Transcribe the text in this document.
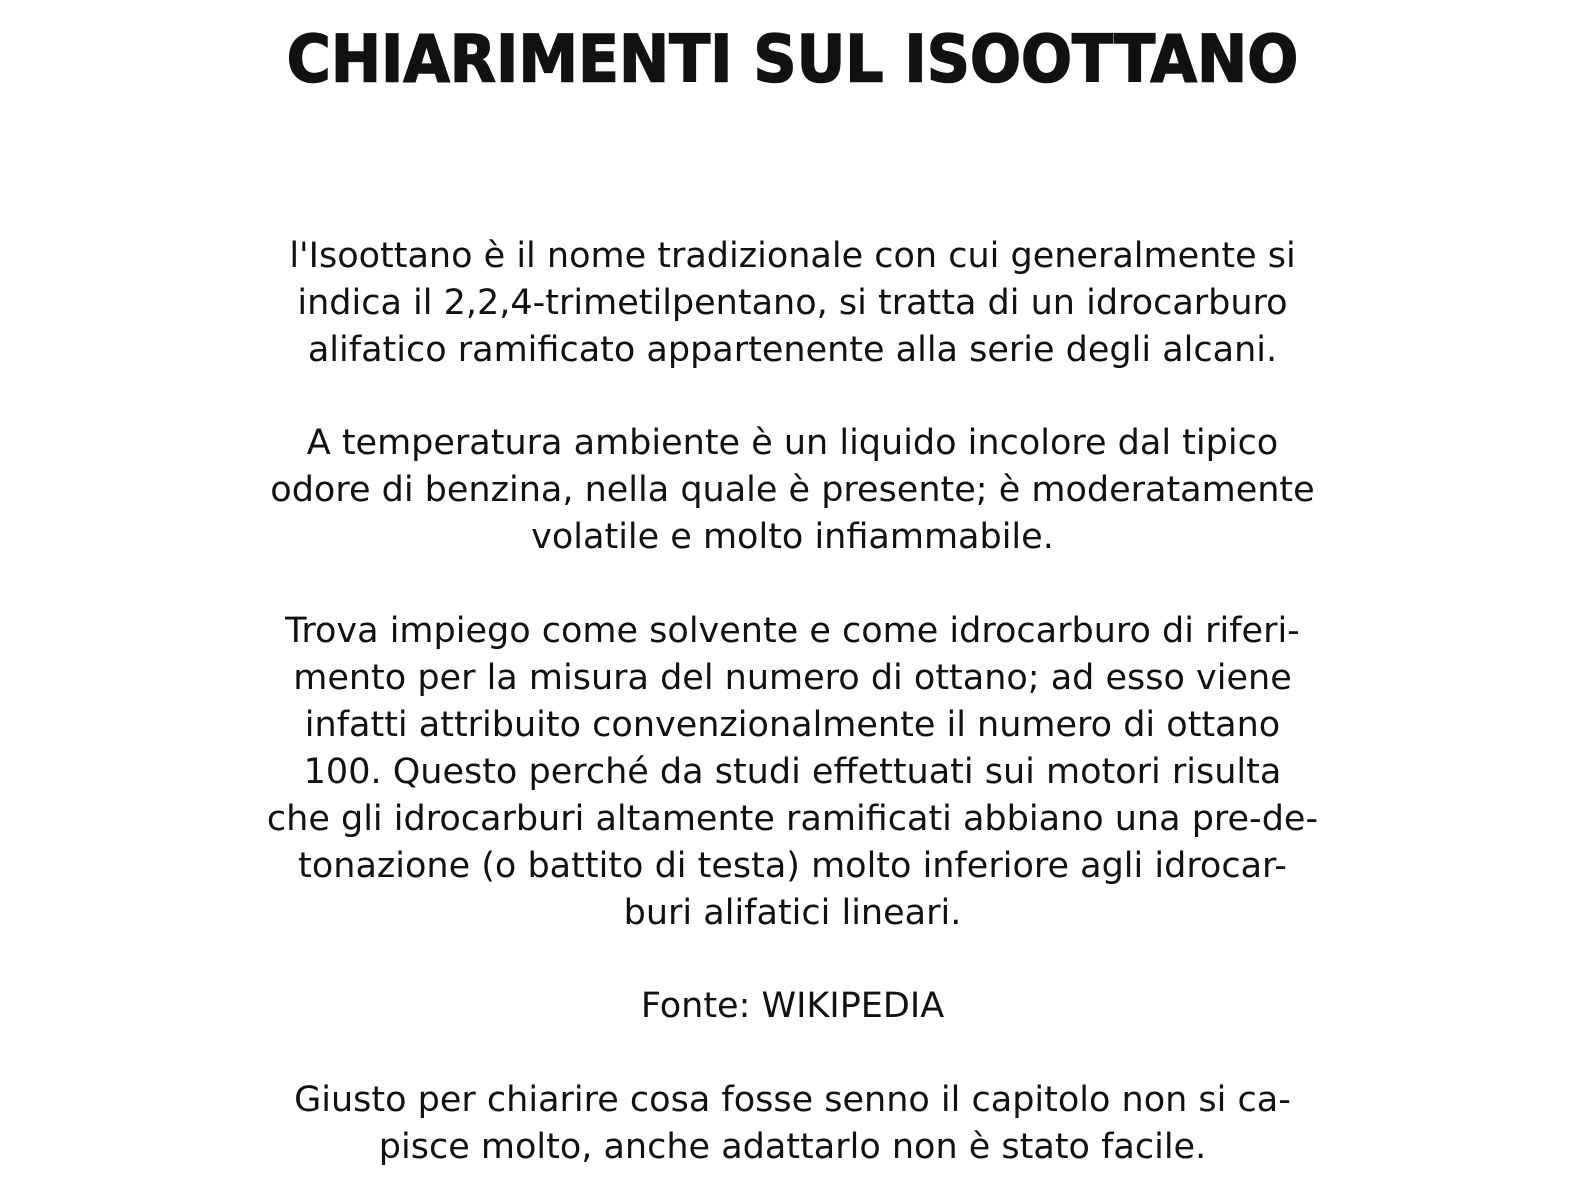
CHIARIMENTI SUL ISOOTTANO
l'Isoottano è il nome tradizionale con cui generalmente si
indica il 2,2,4-trimetilpentano, si tratta di un idrocarburo
alifatico ramificato appartenente alla serie degli alcani.
A temperatura ambiente è un liquido incolore dal tipico
odore di benzina, nella quale è presente; è moderatamente
volatile e molto infiammabile.
Trova impiego come solvente e come idrocarburo di riferi-
mento per la misura del numero di ottano; ad esso viene
infatti attribuito convenzionalmente il numero di ottano
100. Questo perché da studi effettuati sui motori risulta
che gli idrocarburi altamente ramificati abbiano una pre-de-
tonazione (o battito di testa) molto inferiore agli idrocar-
buri alifatici lineari.
Fonte: WIKIPEDIA
Giusto per chiarire cosa fosse senno il capitolo non si ca-
pisce molto, anche adattarlo non è stato facile.
